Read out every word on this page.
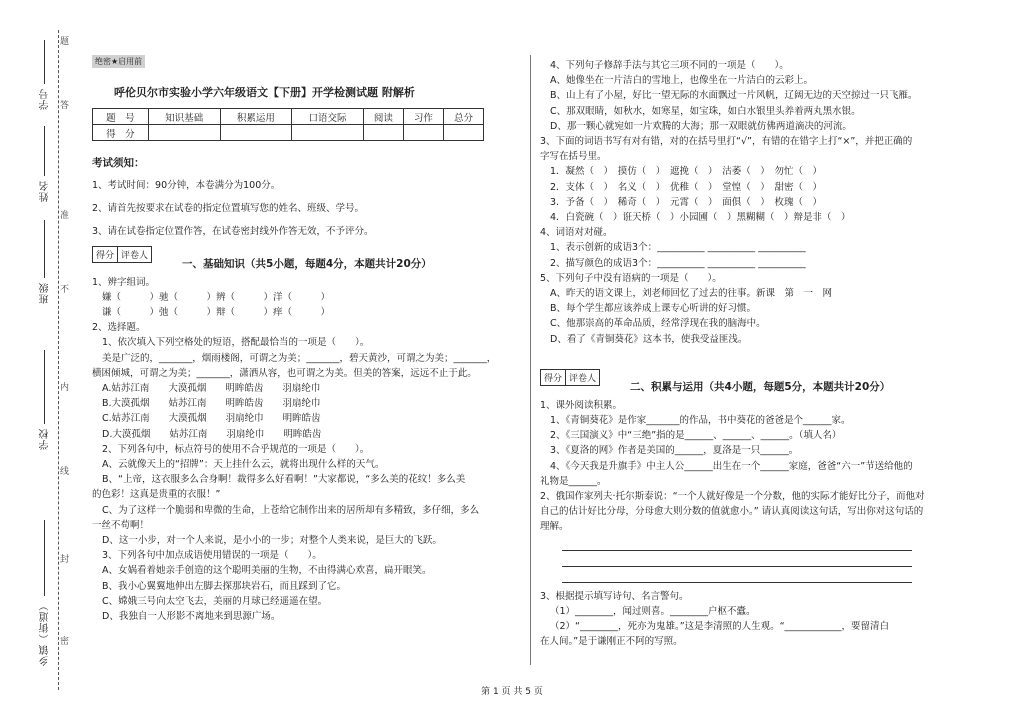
学号
姓名
班级
学校
乡镇（街道）
题
答
准
不
内
线
封
密
绝密★启用前
呼伦贝尔市实验小学六年级语文【下册】开学检测试题 附解析
题　号	知识基础	积累运用	口语交际	阅读	习作	总分
得　分						
考试须知：
1、考试时间：90分钟，本卷满分为100分。
2、请首先按要求在试卷的指定位置填写您的姓名、班级、学号。
3、请在试卷指定位置作答，在试卷密封线外作答无效，不予评分。
得分 评卷人
一、基础知识（共5小题，每题4分，本题共计20分）
1、辨字组词。
嫌（　　　）驰（　　　）辨（　　　）洋（　　　）
谦（　　　）弛（　　　）辩（　　　）痒（　　　）
2、选择题。
1、依次填入下列空格处的短语，搭配最恰当的一项是（　　）。
美是广泛的，_______，烟雨楼阁，可谓之为美；_______，碧天黄沙，可谓之为美；_______，
横困倾城，可谓之为美；_______，潇洒从容，也可谓之为美。但美的答案，远远不止于此。
A.姑苏江南　　大漠孤烟　　明眸皓齿　　羽扇纶巾
B.大漠孤烟　　姑苏江南　　明眸皓齿　　羽扇纶巾
C.姑苏江南　　大漠孤烟　　羽扇纶巾　　明眸皓齿
D.大漠孤烟　　姑苏江南　　羽扇纶巾　　明眸皓齿
2、下列各句中，标点符号的使用不合乎规范的一项是（　　）。
A、云就像天上的“招牌”：天上挂什么云，就将出现什么样的天气。
B、“上帝，这衣服多么合身啊！裁得多么好看啊！”大家都说，“多么美的花纹！多么美
的色彩！这真是贵重的衣服！”
C、为了这样一个脆弱和卑微的生命，上苍给它制作出来的居所却有多精致，多仔细，多么
一丝不苟啊！
D、这一小步，对一个人来说，是小小的一步；对整个人类来说，是巨大的飞跃。
3、下列各句中加点成语使用错误的一项是（　　）。
A、女娲看着她亲手创造的这个聪明美丽的生物，不由得满心欢喜，扁开眼笑。
B、我小心翼翼地伸出左脚去探那块岩石，而且踩到了它。
C、嫦娥三号向太空飞去，美丽的月球已经遥遥在望。
D、我独自一人形影不离地来到思源广场。
4、下列句子修辞手法与其它三项不同的一项是（　　）。
A、她像坐在一片洁白的雪地上，也像坐在一片洁白的云彩上。
B、山上有了小屋，好比一望无际的水面飘过一片风帆，辽阔无边的天空掠过一只飞雁。
C、那双眼睛，如秋水，如寒星，如宝珠，如白水银里头养着两丸黑水银。
D、那一颗心就宛如一片欢腾的大海；那一双眼就仿佛两道滴决的河流。
3、下面的词语书写有对有错，对的在括号里打“√”，有错的在错字上打“×”，并把正确的
字写在括号里。
1．凝然（　）　摸仿（　）　遮挽（　）　沽萎（　）　勿忙（　）
2．支体（　）　名义（　）　优稚（　）　堂惶（　）　甜密（　）
3．予备（　）　稀奇（　）　元霄（　）　面俱（　）　枚瑰（　）
4．白瓷碗（　）诳天桥（　）小园圃（　）黑糊糊（　）辩是非（　）
4、词语对对碰。
1、表示创新的成语3个：__________ __________ __________
2、描写颜色的成语3个：__________ __________ __________
5、下列句子中没有语病的一项是（　　）。
A、昨天的语文课上，刘老师回忆了过去的往事。新课　第　一　网
B、每个学生都应该养成上课专心听讲的好习惯。
C、他那崇高的革命品质，经常浮现在我的脑海中。
D、看了《青铜葵花》这本书，使我受益匪浅。
得分 评卷人
二、积累与运用（共4小题，每题5分，本题共计20分）
1、课外阅读积累。
1、《青铜葵花》是作家_______的作品，书中葵花的爸爸是个______家。
2、《三国演义》中“三绝”指的是______、______、______。（填人名）
3、《夏洛的网》作者是美国的______，夏洛是一只______。
4、《今天我是升旗手》中主人公______出生在一个______家庭，爸爸“六一”节送给他的
礼物是______。
2、俄国作家列夫·托尔斯泰说：“一个人就好像是一个分数，他的实际才能好比分子，而他对
自己的估计好比分母，分母愈大则分数的值就愈小。” 请认真阅读这句话，写出你对这句话的
理解。
3、根据提示填写诗句、名言警句。
（1）________，闻过则喜。________户枢不蠹。
（2）“________，死亦为鬼雄。”这是李清照的人生观。“____________，要留清白
在人间。”是于谦刚正不阿的写照。
第 1 页 共 5 页
